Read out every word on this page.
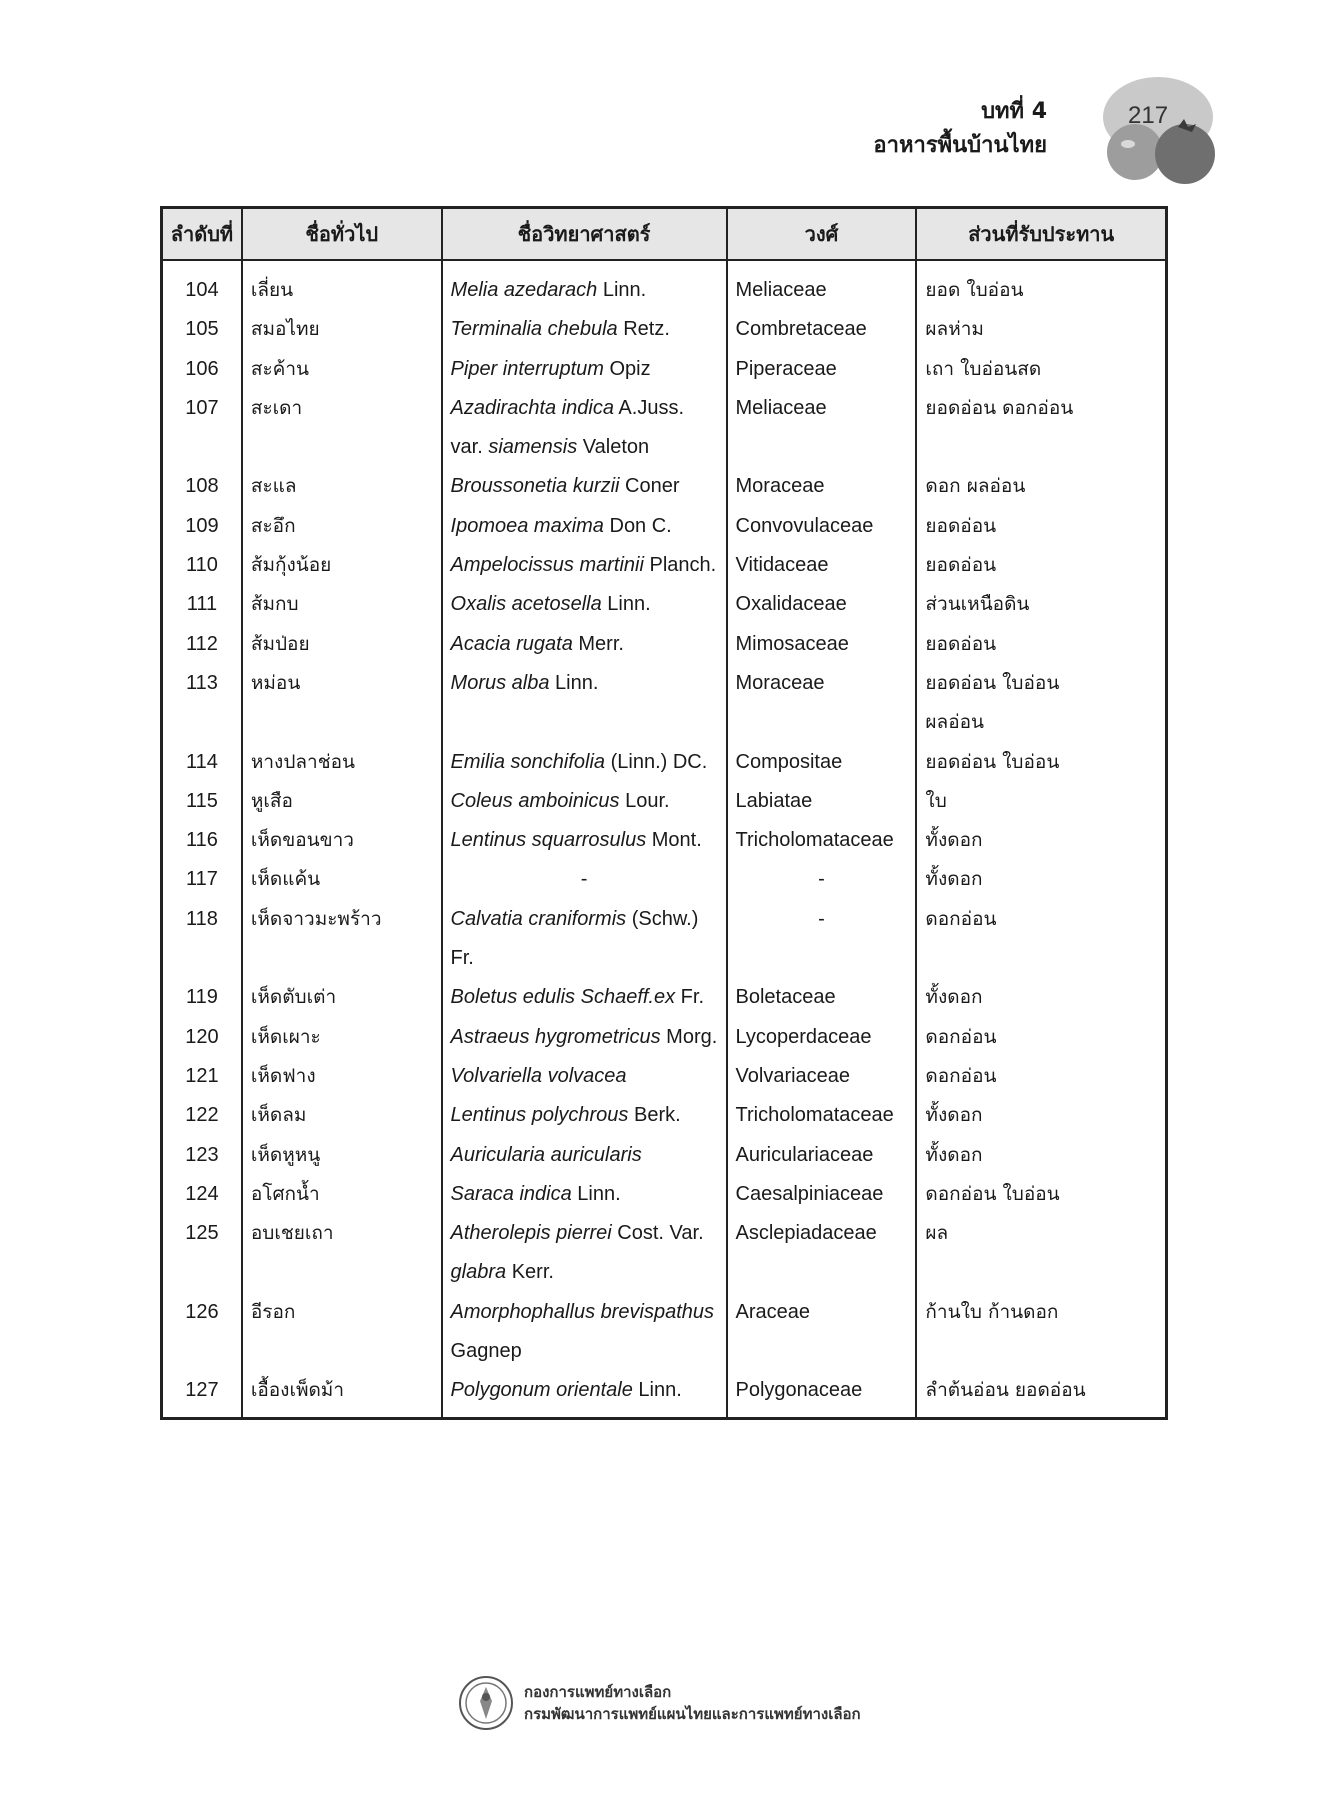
บทที่ 4
อาหารพื้นบ้านไทย
217
ลำดับที่	ชื่อทั่วไป	ชื่อวิทยาศาสตร์	วงศ์	ส่วนที่รับประทาน
104	เลี่ยน	Melia azedarach Linn.	Meliaceae	ยอด ใบอ่อน
105	สมอไทย	Terminalia chebula Retz.	Combretaceae	ผลห่าม
106	สะค้าน	Piper interruptum Opiz	Piperaceae	เถา ใบอ่อนสด
107	สะเดา	Azadirachta indica A.Juss.	Meliaceae	ยอดอ่อน ดอกอ่อน
		var. siamensis Valeton		
108	สะแล	Broussonetia kurzii Coner	Moraceae	ดอก ผลอ่อน
109	สะอึก	Ipomoea maxima Don C.	Convovulaceae	ยอดอ่อน
110	ส้มกุ้งน้อย	Ampelocissus martinii Planch.	Vitidaceae	ยอดอ่อน
111	ส้มกบ	Oxalis acetosella Linn.	Oxalidaceae	ส่วนเหนือดิน
112	ส้มป่อย	Acacia rugata Merr.	Mimosaceae	ยอดอ่อน
113	หม่อน	Morus alba Linn.	Moraceae	ยอดอ่อน ใบอ่อน
				ผลอ่อน
114	หางปลาช่อน	Emilia sonchifolia (Linn.) DC.	Compositae	ยอดอ่อน ใบอ่อน
115	หูเสือ	Coleus amboinicus Lour.	Labiatae	ใบ
116	เห็ดขอนขาว	Lentinus squarrosulus Mont.	Tricholomataceae	ทั้งดอก
117	เห็ดแค้น	-	-	ทั้งดอก
118	เห็ดจาวมะพร้าว	Calvatia craniformis (Schw.)	-	ดอกอ่อน
		Fr.		
119	เห็ดตับเต่า	Boletus edulis Schaeff.ex Fr.	Boletaceae	ทั้งดอก
120	เห็ดเผาะ	Astraeus hygrometricus Morg.	Lycoperdaceae	ดอกอ่อน
121	เห็ดฟาง	Volvariella volvacea	Volvariaceae	ดอกอ่อน
122	เห็ดลม	Lentinus polychrous Berk.	Tricholomataceae	ทั้งดอก
123	เห็ดหูหนู	Auricularia auricularis	Auriculariaceae	ทั้งดอก
124	อโศกน้ำ	Saraca indica Linn.	Caesalpiniaceae	ดอกอ่อน ใบอ่อน
125	อบเชยเถา	Atherolepis pierrei Cost. Var.	Asclepiadaceae	ผล
		glabra Kerr.		
126	อีรอก	Amorphophallus brevispathus	Araceae	ก้านใบ ก้านดอก
		Gagnep		
127	เอื้องเพ็ดม้า	Polygonum orientale Linn.	Polygonaceae	ลำต้นอ่อน ยอดอ่อน
กองการแพทย์ทางเลือก
กรมพัฒนาการแพทย์แผนไทยและการแพทย์ทางเลือก
